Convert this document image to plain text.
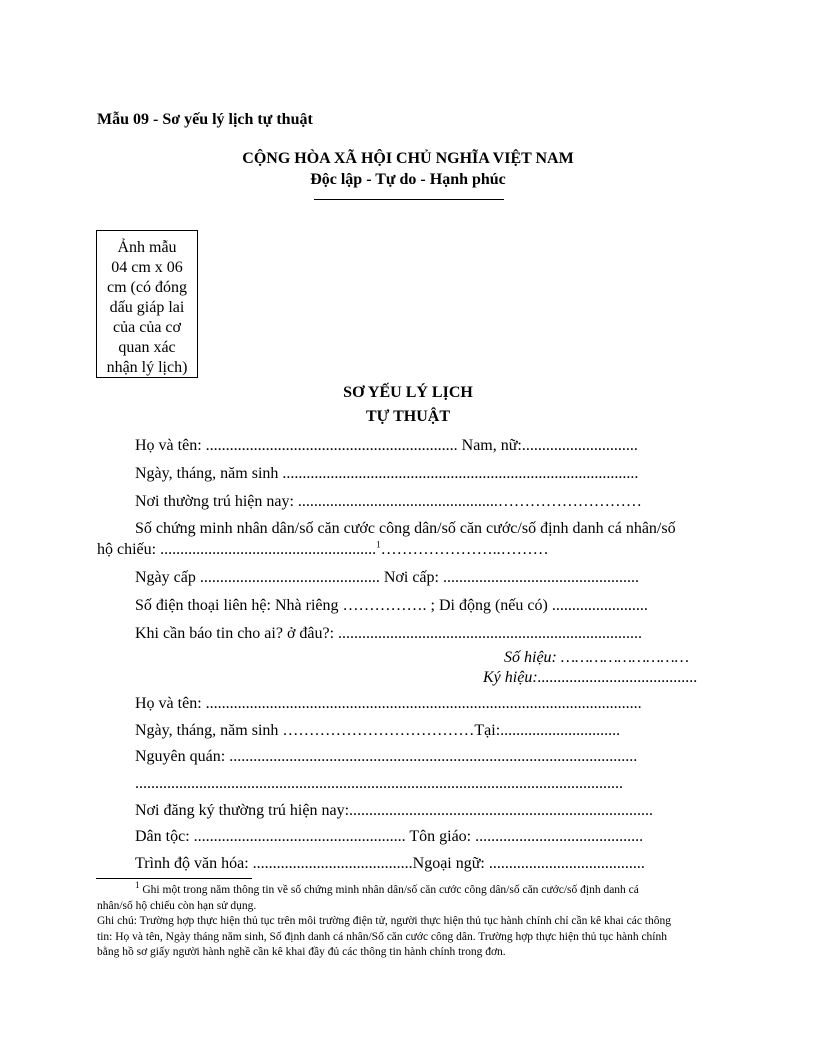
Mẫu 09 - Sơ yếu lý lịch tự thuật
CỘNG HÒA XÃ HỘI CHỦ NGHĨA VIỆT NAM
Độc lập - Tự do - Hạnh phúc
Ảnh mẫu
04 cm x 06
cm (có đóng
dấu giáp lai
của của cơ
quan xác
nhận lý lịch)
SƠ YẾU LÝ LỊCH
TỰ THUẬT
Họ và tên: ............................................................... Nam, nữ:.............................
Ngày, tháng, năm sinh .........................................................................................
Nơi thường trú hiện nay: ..................................................………………………
Số chứng minh nhân dân/số căn cước công dân/số căn cước/số định danh cá nhân/số
hộ chiếu: ......................................................$^1$…………………..………
Ngày cấp ............................................. Nơi cấp: .................................................
Số điện thoại liên hệ: Nhà riêng ……………. ; Di động (nếu có) ........................
Khi cần báo tin cho ai? ở đâu?: ............................................................................
Số hiệu: ………………………
Ký hiệu:........................................
Họ và tên: .............................................................................................................
Ngày, tháng, năm sinh ………………………………Tại:..............................
Nguyên quán: ......................................................................................................
..........................................................................................................................
Nơi đăng ký thường trú hiện nay:............................................................................
Dân tộc: ..................................................... Tôn giáo: ..........................................
Trình độ văn hóa: ........................................Ngoại ngữ: .......................................
$^1$ Ghi một trong năm thông tin về số chứng minh nhân dân/số căn cước công dân/số căn cước/số định danh cá
nhân/số hộ chiếu còn hạn sử dụng.
Ghi chú: Trường hợp thực hiện thủ tục trên môi trường điện tử, người thực hiện thủ tục hành chính chỉ cần kê khai các thông
tin: Họ và tên, Ngày tháng năm sinh, Số định danh cá nhân/Số căn cước công dân. Trường hợp thực hiện thủ tục hành chính
bằng hồ sơ giấy người hành nghề cần kê khai đầy đủ các thông tin hành chính trong đơn.
